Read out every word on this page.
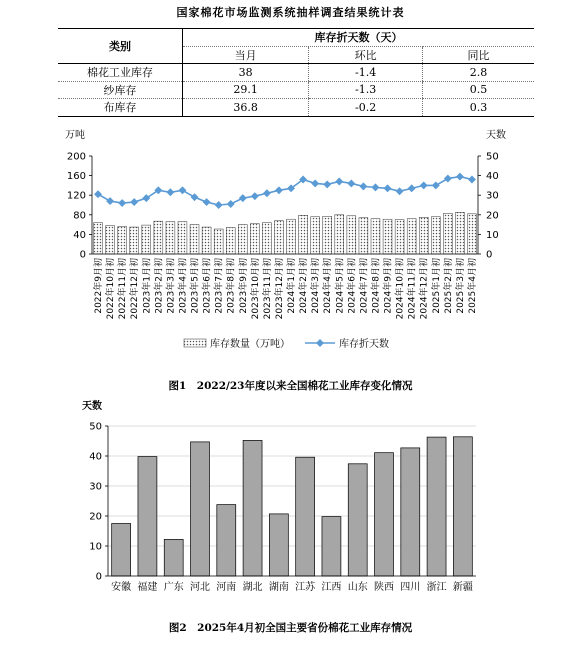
国家棉花市场监测系统抽样调查结果统计表
类别	库存折天数（天）		
	当月	环比	同比
棉花工业库存	38	-1.4	2.8
纱库存	29.1	-1.3	0.5
布库存	36.8	-0.2	0.3
0
40
80
120
160
200
0
10
20
30
40
50
2022年9月初 2022年10月初 2022年11月初 2022年12月初 2023年1月初 2023年2月初 2023年3月初 2023年4月初 2023年5月初 2023年6月初 2023年7月初 2023年8月初 2023年9月初 2023年10月初 2023年11月初 2023年12月初 2024年1月初 2024年2月初 2024年3月初 2024年4月初 2024年5月初 2024年6月初 2024年7月初 2024年8月初 2024年9月初 2024年10月初 2024年11月初 2024年12月初 2025年1月初 2025年2月初 2025年3月初 2025年4月初
库存数量（万吨）	库存折天数
万吨	天数
图1　2022/23年度以来全国棉花工业库存变化情况
0
10
20
30
40
50
安徽 福建 广东 河北 河南 湖北 湖南 江苏 江西 山东 陕西 四川 浙江 新疆
天数
图2　2025年4月初全国主要省份棉花工业库存情况
